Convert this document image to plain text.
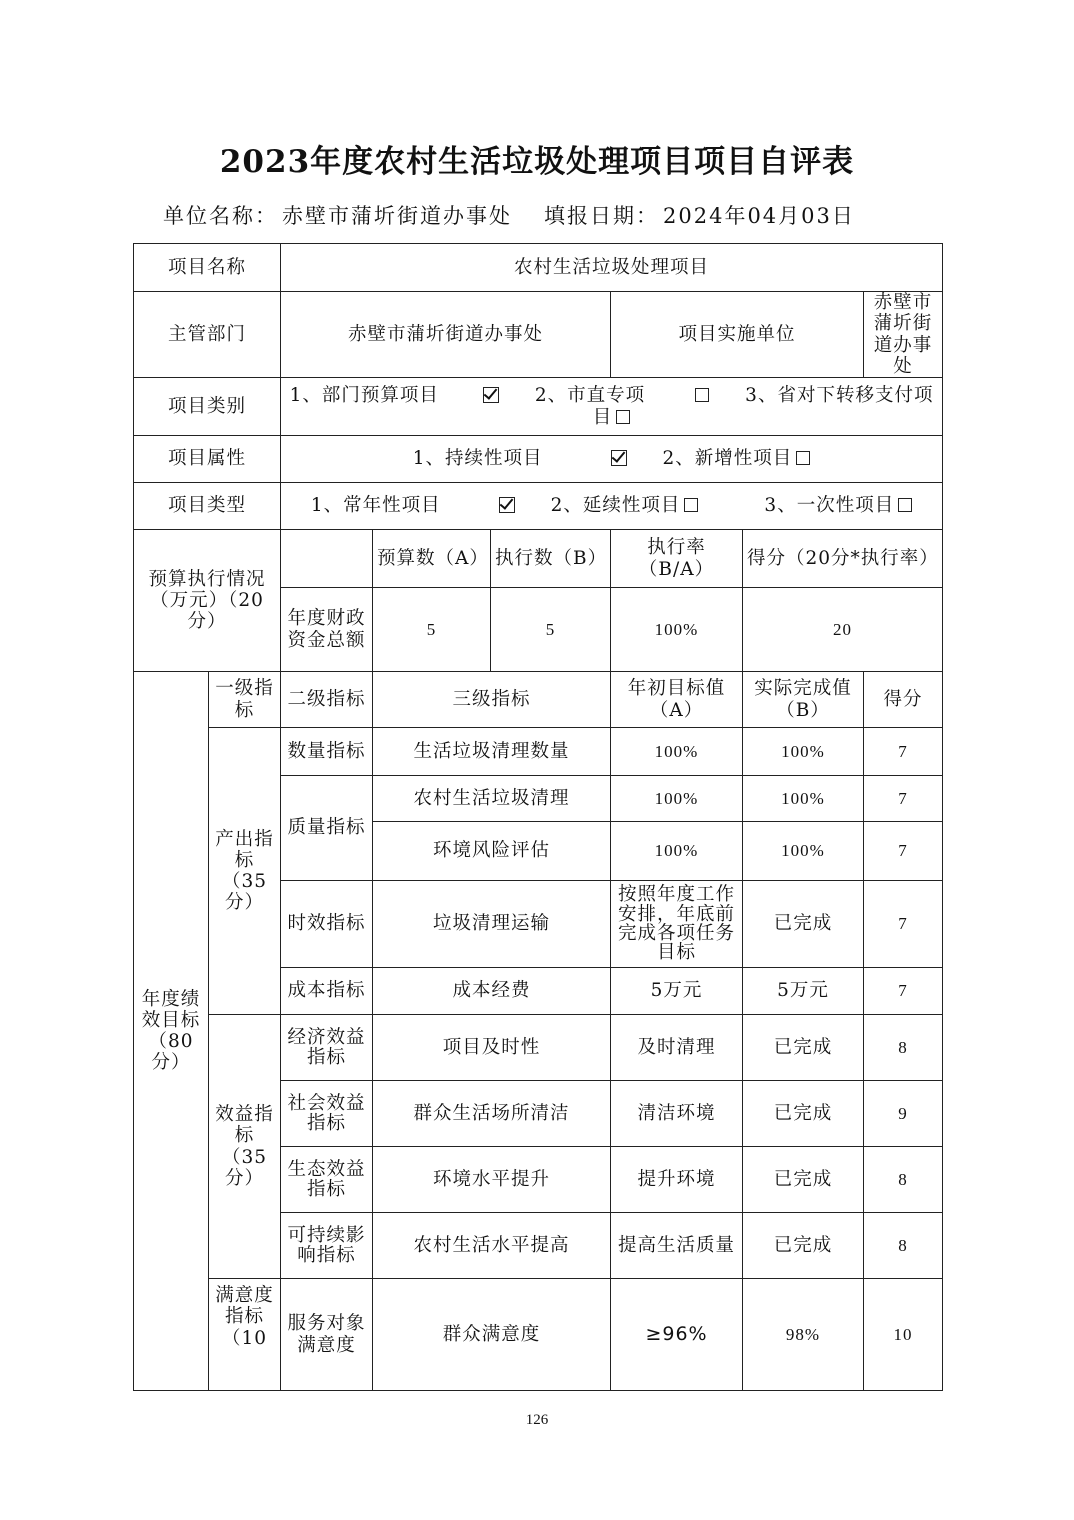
2023年度农村生活垃圾处理项目项目自评表
单位名称： 赤壁市蒲圻街道办事处 填报日期： 2024年04月03日
项目名称		农村生活垃圾处理项目					
主管部门		赤壁市蒲圻街道办事处			项目实施单位		赤壁市蒲圻街道办事处
项目类别		1、部门预算项目 2、市直专项 3、省对下转移支付项目					
项目属性		1、持续性项目 2、新增性项目					
项目类型		1、常年性项目 2、延续性项目 3、一次性项目					
预算执行情况（万元）（20分）			预算数（A）	执行数（B）	执行率（B/A）	得分（20分*执行率）	
		年度财政资金总额	5	5	100%	20	
年度绩效目标（80分）	一级指标	二级指标	三级指标		年初目标值（A）	实际完成值（B）	得分
	产出指标（35分）	数量指标	生活垃圾清理数量		100%	100%	7
		质量指标	农村生活垃圾清理		100%	100%	7
			环境风险评估		100%	100%	7
		时效指标	垃圾清理运输		按照年度工作安排，年底前完成各项任务目标	已完成	7
		成本指标	成本经费		5万元	5万元	7
	效益指标（35分）	经济效益指标	项目及时性		及时清理	已完成	8
		社会效益指标	群众生活场所清洁		清洁环境	已完成	9
		生态效益指标	环境水平提升		提升环境	已完成	8
		可持续影响指标	农村生活水平提高		提高生活质量	已完成	8
	满意度指标（10	服务对象满意度	群众满意度		≥96%	98%	10
126
